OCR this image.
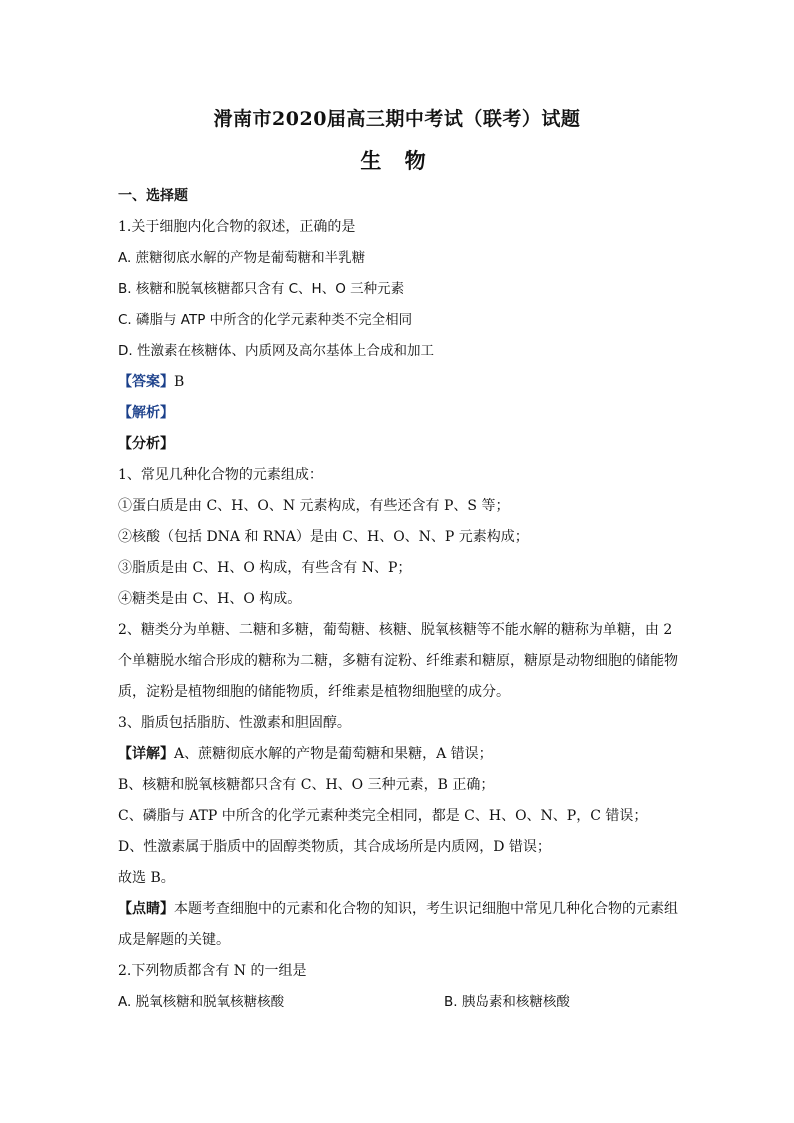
滑南市2020届高三期中考试（联考）试题
生 物
一、选择题
1.关于细胞内化合物的叙述，正确的是
A. 蔗糖彻底水解的产物是葡萄糖和半乳糖
B. 核糖和脱氧核糖都只含有 C、H、O 三种元素
C. 磷脂与 ATP 中所含的化学元素种类不完全相同
D. 性激素在核糖体、内质网及高尔基体上合成和加工
【答案】B
【解析】
【分析】
1、常见几种化合物的元素组成：
①蛋白质是由 C、H、O、N 元素构成，有些还含有 P、S 等；
②核酸（包括 DNA 和 RNA）是由 C、H、O、N、P 元素构成；
③脂质是由 C、H、O 构成，有些含有 N、P；
④糖类是由 C、H、O 构成。
2、糖类分为单糖、二糖和多糖，葡萄糖、核糖、脱氧核糖等不能水解的糖称为单糖，由 2
个单糖脱水缩合形成的糖称为二糖，多糖有淀粉、纤维素和糖原，糖原是动物细胞的储能物
质，淀粉是植物细胞的储能物质，纤维素是植物细胞壁的成分。
3、脂质包括脂肪、性激素和胆固醇。
【详解】A、蔗糖彻底水解的产物是葡萄糖和果糖，A 错误；
B、核糖和脱氧核糖都只含有 C、H、O 三种元素，B 正确；
C、磷脂与 ATP 中所含的化学元素种类完全相同，都是 C、H、O、N、P，C 错误；
D、性激素属于脂质中的固醇类物质，其合成场所是内质网，D 错误；
故选 B。
【点睛】本题考查细胞中的元素和化合物的知识，考生识记细胞中常见几种化合物的元素组
成是解题的关键。
2.下列物质都含有 N 的一组是
A. 脱氧核糖和脱氧核糖核酸	B. 胰岛素和核糖核酸
